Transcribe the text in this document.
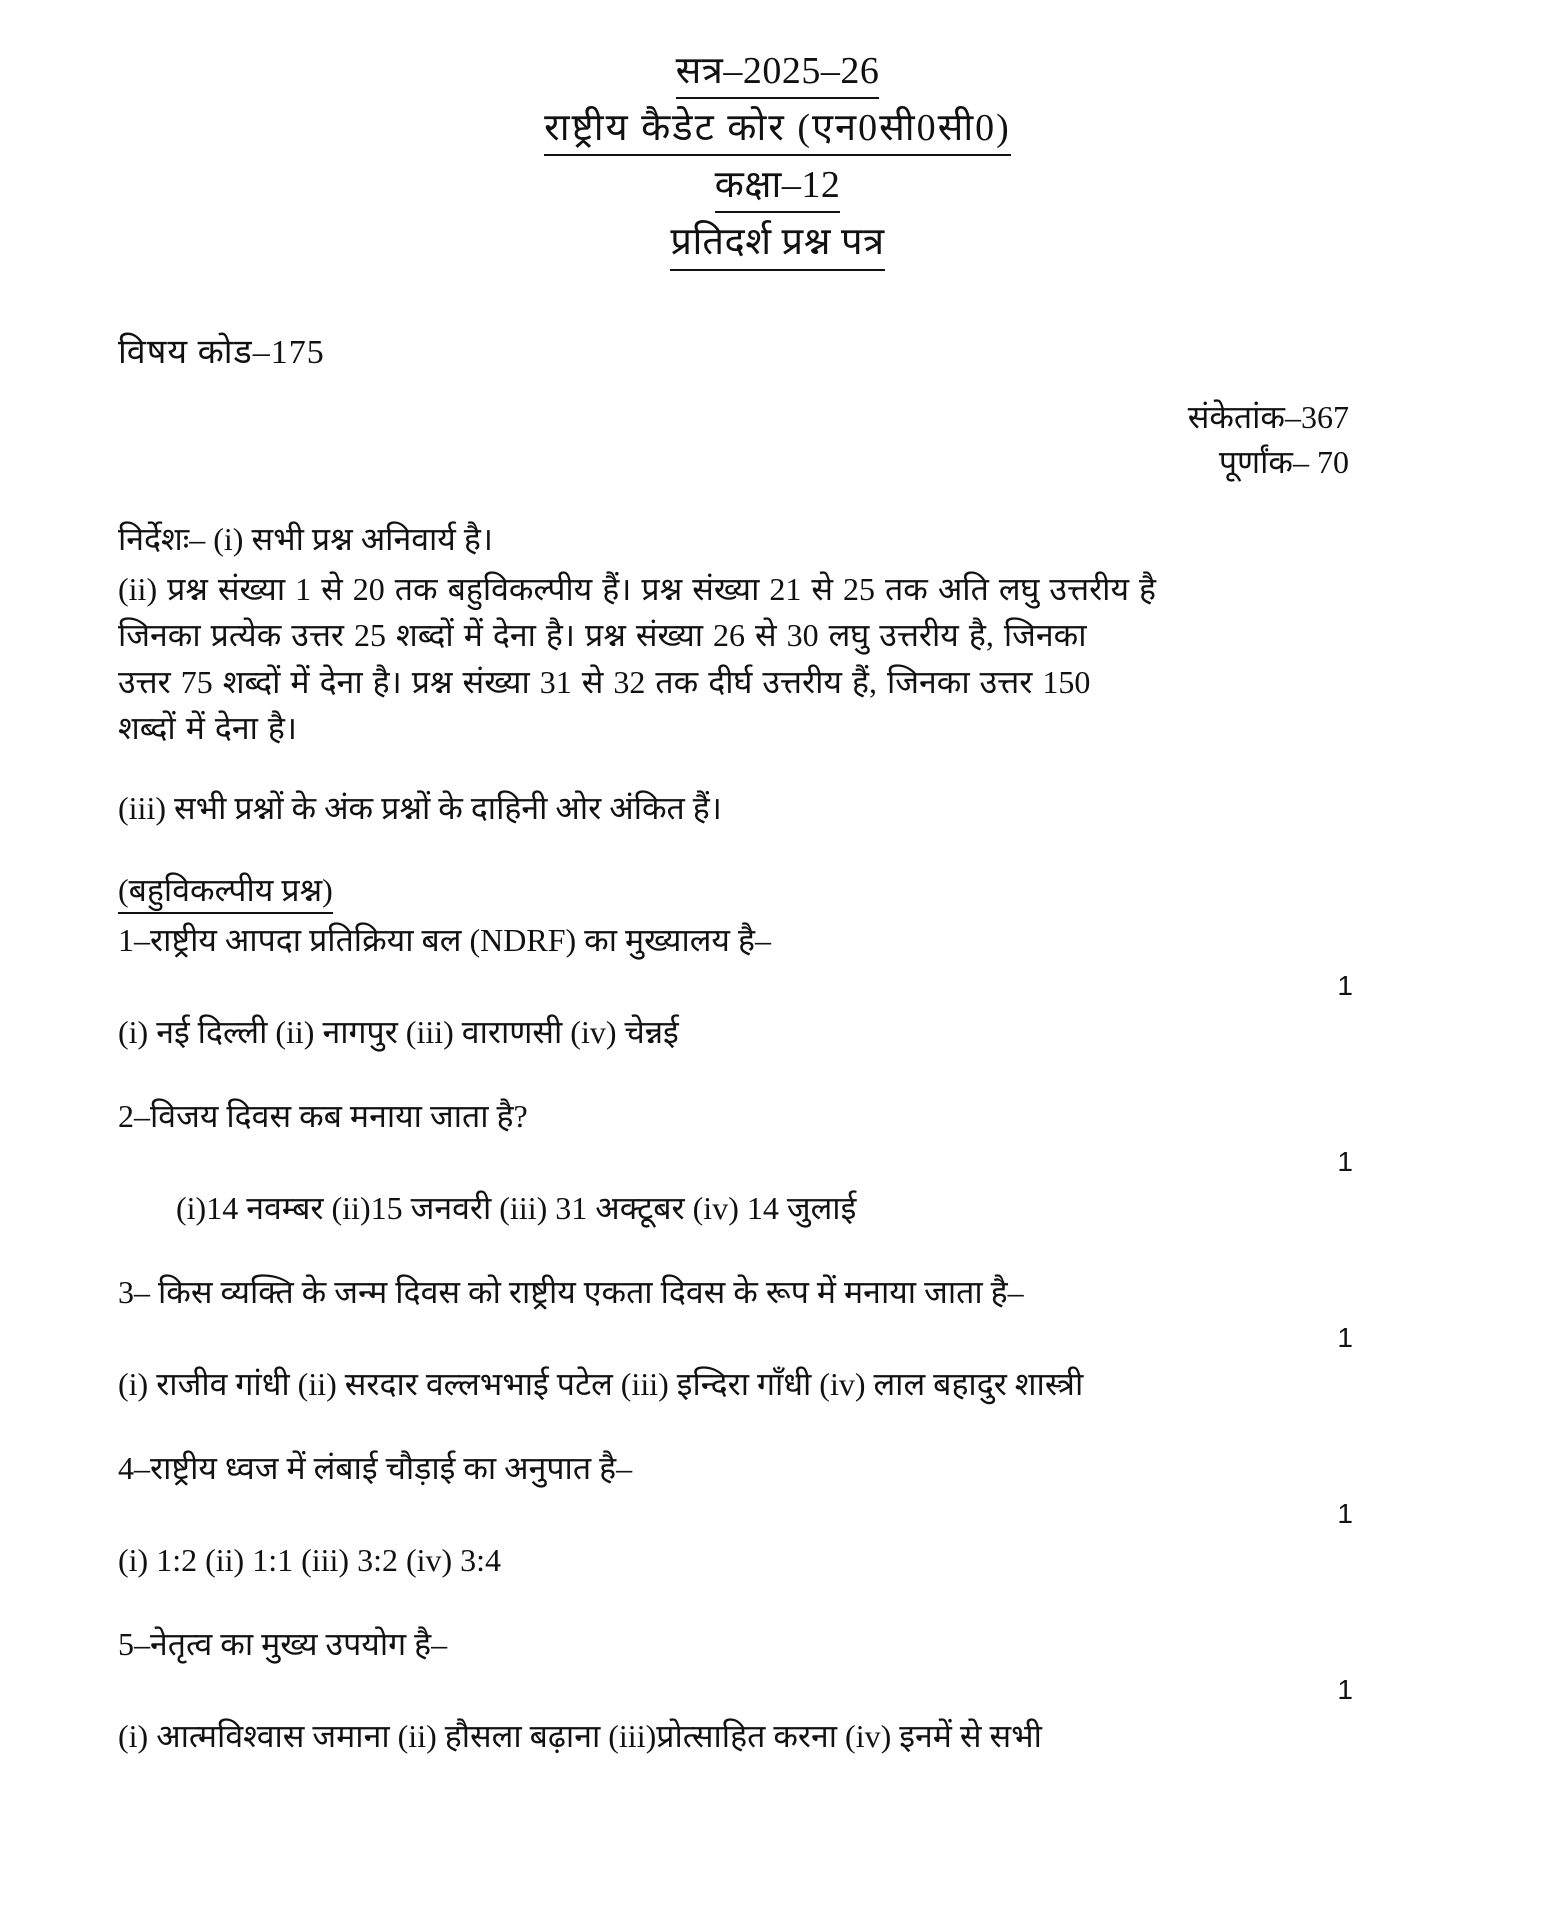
सत्र–2025–26
राष्ट्रीय कैडेट कोर (एन0सी0सी0)
कक्षा–12
प्रतिदर्श प्रश्न पत्र
विषय कोड–175
संकेतांक–367
पूर्णांक– 70

निर्देशः– (i) सभी प्रश्न अनिवार्य है।

(ii) प्रश्न संख्या 1 से 20 तक बहुविकल्पीय हैं। प्रश्न संख्या 21 से 25 तक अति लघु उत्तरीय है

जिनका प्रत्येक उत्तर 25 शब्दों में देना है। प्रश्न संख्या 26 से 30 लघु उत्तरीय है, जिनका

उत्तर 75 शब्दों में देना है। प्रश्न संख्या 31 से 32 तक दीर्घ उत्तरीय हैं, जिनका उत्तर 150

शब्दों में देना है।

(iii) सभी प्रश्नों के अंक प्रश्नों के दाहिनी ओर अंकित हैं।

(बहुविकल्पीय प्रश्न)

1–राष्ट्रीय आपदा प्रतिक्रिया बल (NDRF) का मुख्यालय है–

1

(i) नई दिल्ली (ii) नागपुर (iii) वाराणसी (iv) चेन्नई

2–विजय दिवस कब मनाया जाता है?

1

(i)14 नवम्बर (ii)15 जनवरी (iii) 31 अक्टूबर (iv) 14 जुलाई

3– किस व्यक्ति के जन्म दिवस को राष्ट्रीय एकता दिवस के रूप में मनाया जाता है–

1

(i) राजीव गांधी (ii) सरदार वल्लभभाई पटेल (iii) इन्दिरा गाँधी (iv) लाल बहादुर शास्त्री

4–राष्ट्रीय ध्वज में लंबाई चौड़ाई का अनुपात है–

1

(i) 1:2 (ii) 1:1 (iii) 3:2 (iv) 3:4

5–नेतृत्व का मुख्य उपयोग है–

1

(i) आत्मविश्वास जमाना (ii) हौसला बढ़ाना (iii)प्रोत्साहित करना (iv) इनमें से सभी
